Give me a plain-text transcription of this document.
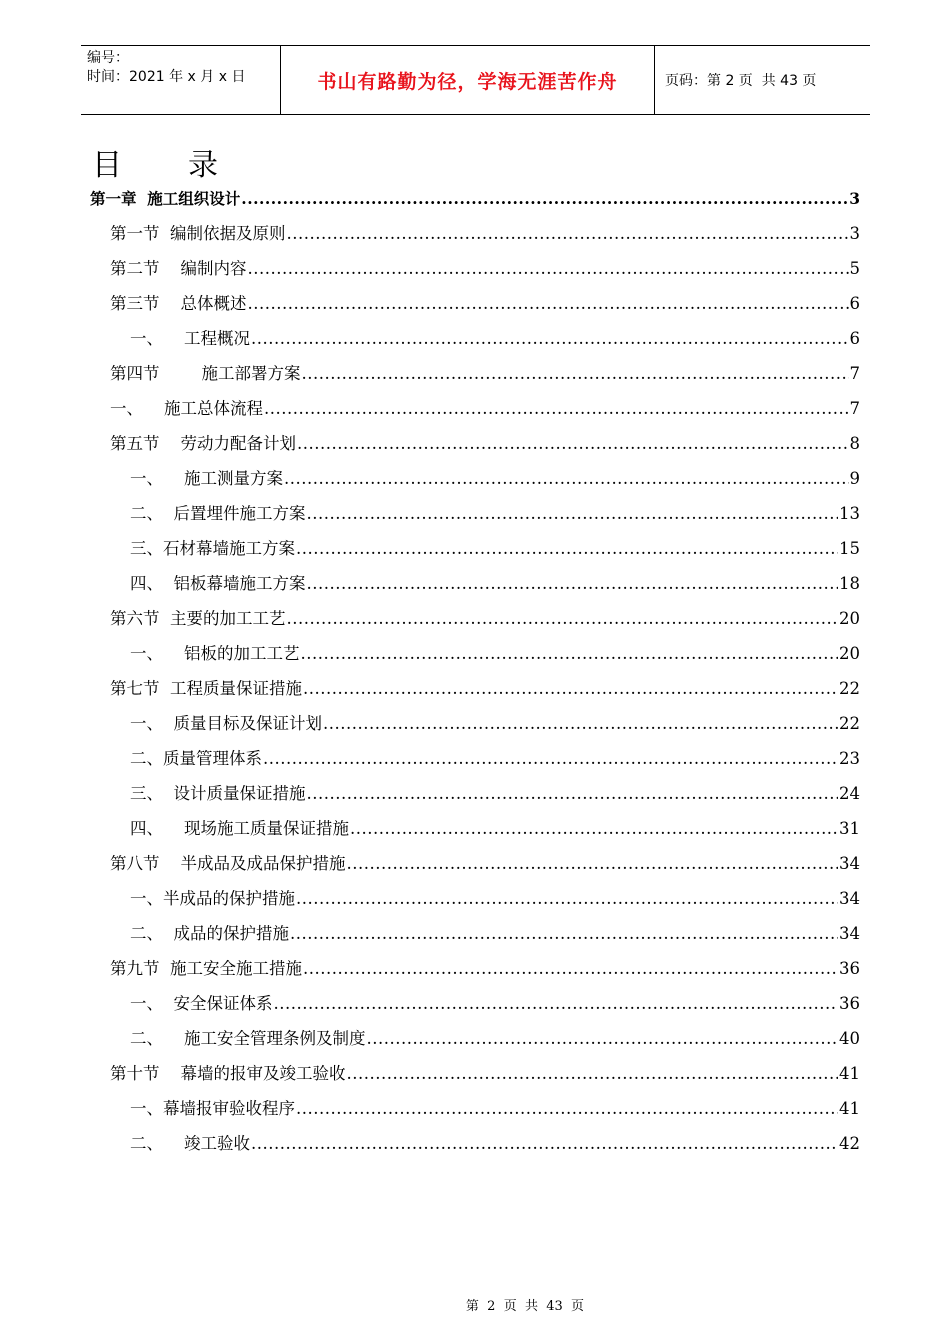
编号：
时间：2021 年 x 月 x 日	书山有路勤为径，学海无涯苦作舟	页码：第 2 页  共 43 页
目 录
第一章  施工组织设计 .....	3
第一节  编制依据及原则 .....	3
第二节    编制内容 .....	5
第三节    总体概述 .....	6
一、    工程概况 .....	6
第四节        施工部署方案 .....	7
一、    施工总体流程 .....	7
第五节    劳动力配备计划 .....	8
一、    施工测量方案 .....	9
二、  后置埋件施工方案 .....	13
三、石材幕墙施工方案 .....	15
四、  铝板幕墙施工方案 .....	18
第六节  主要的加工工艺 .....	20
一、    铝板的加工工艺 .....	20
第七节  工程质量保证措施 .....	22
一、  质量目标及保证计划 .....	22
二、质量管理体系 .....	23
三、  设计质量保证措施 .....	24
四、    现场施工质量保证措施 .....	31
第八节    半成品及成品保护措施 .....	34
一、半成品的保护措施 .....	34
二、  成品的保护措施 .....	34
第九节  施工安全施工措施 .....	36
一、  安全保证体系 .....	36
二、    施工安全管理条例及制度 .....	40
第十节    幕墙的报审及竣工验收 .....	41
一、幕墙报审验收程序 .....	41
二、    竣工验收 .....	42
第  2  页  共  43  页
